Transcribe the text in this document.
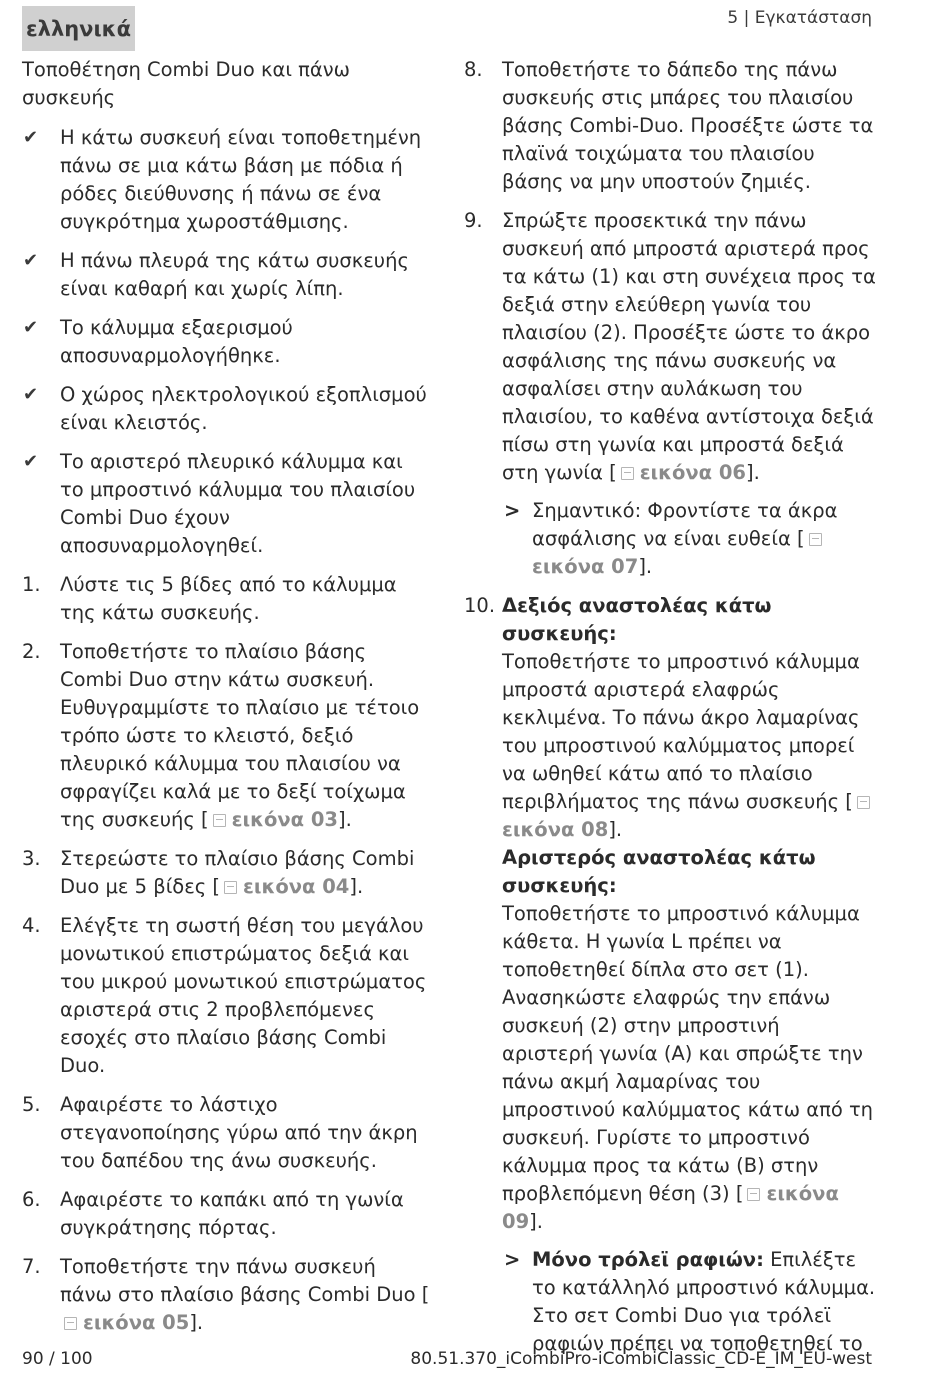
ελληνικά	5 | Εγκατάσταση

Τοποθέτηση Combi Duo και πάνω συσκευής

✔ Η κάτω συσκευή είναι τοποθετημένη πάνω σε μια κάτω βάση με πόδια ή ρόδες διεύθυνσης ή πάνω σε ένα συγκρότημα χωροστάθμισης.
✔ Η πάνω πλευρά της κάτω συσκευής είναι καθαρή και χωρίς λίπη.
✔ Το κάλυμμα εξαερισμού αποσυναρμολογήθηκε.
✔ Ο χώρος ηλεκτρολογικού εξοπλισμού είναι κλειστός.
✔ Το αριστερό πλευρικό κάλυμμα και το μπροστινό κάλυμμα του πλαισίου Combi Duo έχουν αποσυναρμολογηθεί.
1. Λύστε τις 5 βίδες από το κάλυμμα της κάτω συσκευής.
2. Τοποθετήστε το πλαίσιο βάσης Combi Duo στην κάτω συσκευή. Ευθυγραμμίστε το πλαίσιο με τέτοιο τρόπο ώστε το κλειστό, δεξιό πλευρικό κάλυμμα του πλαισίου να σφραγίζει καλά με το δεξί τοίχωμα της συσκευής [ εικόνα 03].
3. Στερεώστε το πλαίσιο βάσης Combi Duo με 5 βίδες [ εικόνα 04].
4. Ελέγξτε τη σωστή θέση του μεγάλου μονωτικού επιστρώματος δεξιά και του μικρού μονωτικού επιστρώματος αριστερά στις 2 προβλεπόμενες εσοχές στο πλαίσιο βάσης Combi Duo.
5. Αφαιρέστε το λάστιχο στεγανοποίησης γύρω από την άκρη του δαπέδου της άνω συσκευής.
6. Αφαιρέστε το καπάκι από τη γωνία συγκράτησης πόρτας.
7. Τοποθετήστε την πάνω συσκευή πάνω στο πλαίσιο βάσης Combi Duo [εικόνα 05].
8. Τοποθετήστε το δάπεδο της πάνω συσκευής στις μπάρες του πλαισίου βάσης Combi-Duo. Προσέξτε ώστε τα πλαϊνά τοιχώματα του πλαισίου βάσης να μην υποστούν ζημιές.
9. Σπρώξτε προσεκτικά την πάνω συσκευή από μπροστά αριστερά προς τα κάτω (1) και στη συνέχεια προς τα δεξιά στην ελεύθερη γωνία του πλαισίου (2). Προσέξτε ώστε το άκρο ασφάλισης της πάνω συσκευής να ασφαλίσει στην αυλάκωση του πλαισίου, το καθένα αντίστοιχα δεξιά πίσω στη γωνία και μπροστά δεξιά στη γωνία [ εικόνα 06].
> Σημαντικό: Φροντίστε τα άκρα ασφάλισης να είναι ευθεία [εικόνα 07].
10. Δεξιός αναστολέας κάτω συσκευής:
Τοποθετήστε το μπροστινό κάλυμμα μπροστά αριστερά ελαφρώς κεκλιμένα. Το πάνω άκρο λαμαρίνας του μπροστινού καλύμματος μπορεί να ωθηθεί κάτω από το πλαίσιο περιβλήματος της πάνω συσκευής [εικόνα 08].
Αριστερός αναστολέας κάτω συσκευής:
Τοποθετήστε το μπροστινό κάλυμμα κάθετα. Η γωνία L πρέπει να τοποθετηθεί δίπλα στο σετ (1). Ανασηκώστε ελαφρώς την επάνω συσκευή (2) στην μπροστινή αριστερή γωνία (A) και σπρώξτε την πάνω ακμή λαμαρίνας του μπροστινού καλύμματος κάτω από τη συσκευή. Γυρίστε το μπροστινό κάλυμμα προς τα κάτω (B) στην προβλεπόμενη θέση (3) [ εικόνα 09].
> Μόνο τρόλεϊ ραφιών: Επιλέξτε το κατάλληλό μπροστινό κάλυμμα. Στο σετ Combi Duo για τρόλεϊ ραφιών πρέπει να τοποθετηθεί το
90 / 100	80.51.370_iCombiPro-iCombiClassic_CD-E_IM_EU-west
